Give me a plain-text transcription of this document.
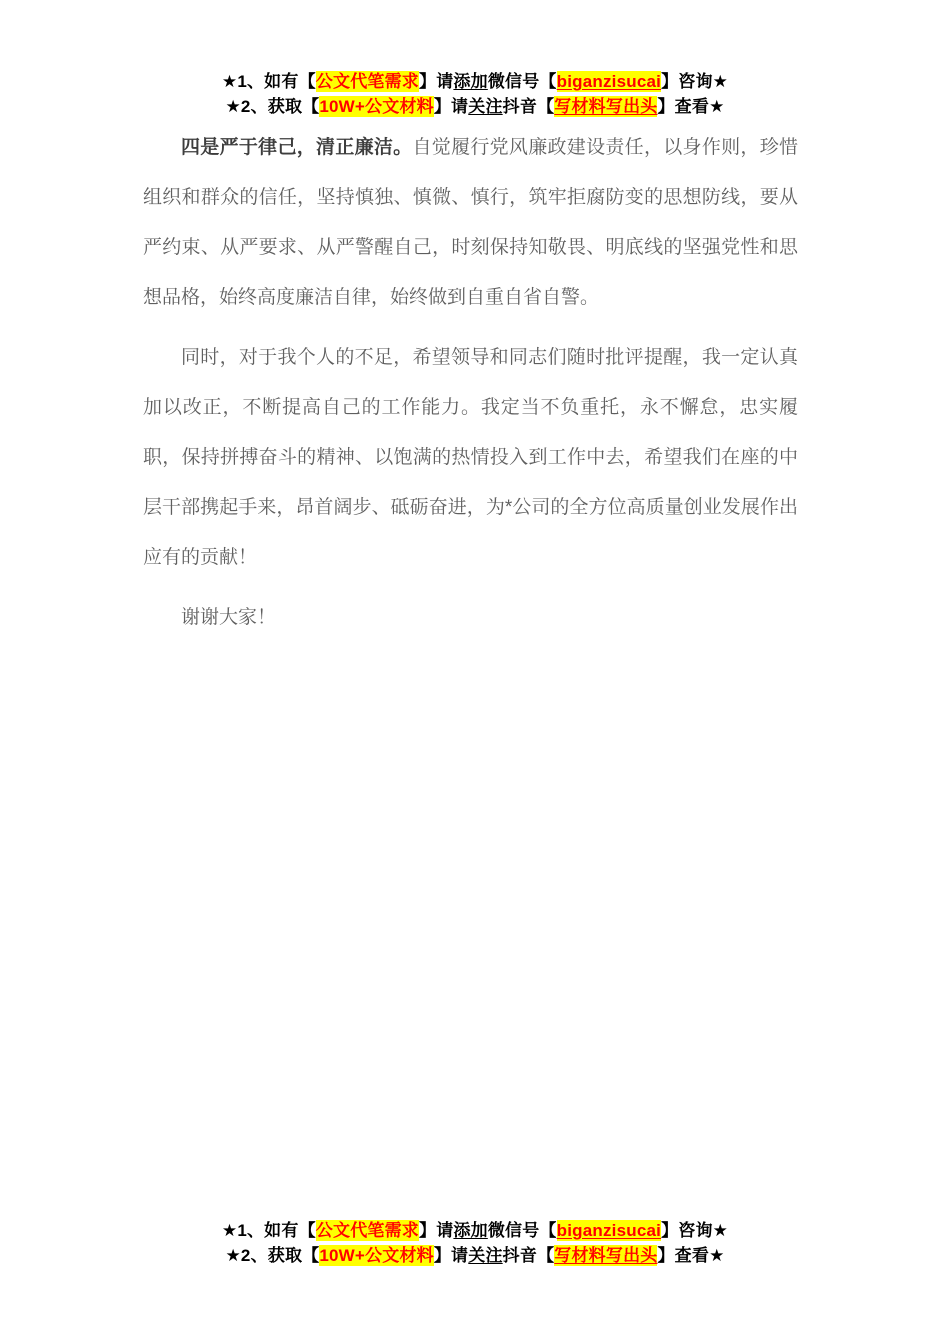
★1、如有【公文代笔需求】请添加微信号【biganzisucai】咨询★
★2、获取【10W+公文材料】请关注抖音【写材料写出头】查看★

四是严于律己，清正廉洁。自觉履行党风廉政建设责任，以身作则，珍惜组织和群众的信任，坚持慎独、慎微、慎行，筑牢拒腐防变的思想防线，要从严约束、从严要求、从严警醒自己，时刻保持知敬畏、明底线的坚强党性和思想品格，始终高度廉洁自律，始终做到自重自省自警。

同时，对于我个人的不足，希望领导和同志们随时批评提醒，我一定认真加以改正，不断提高自己的工作能力。我定当不负重托，永不懈怠，忠实履职，保持拼搏奋斗的精神、以饱满的热情投入到工作中去，希望我们在座的中层干部携起手来，昂首阔步、砥砺奋进，为*公司的全方位高质量创业发展作出应有的贡献！

谢谢大家！

★1、如有【公文代笔需求】请添加微信号【biganzisucai】咨询★
★2、获取【10W+公文材料】请关注抖音【写材料写出头】查看★
